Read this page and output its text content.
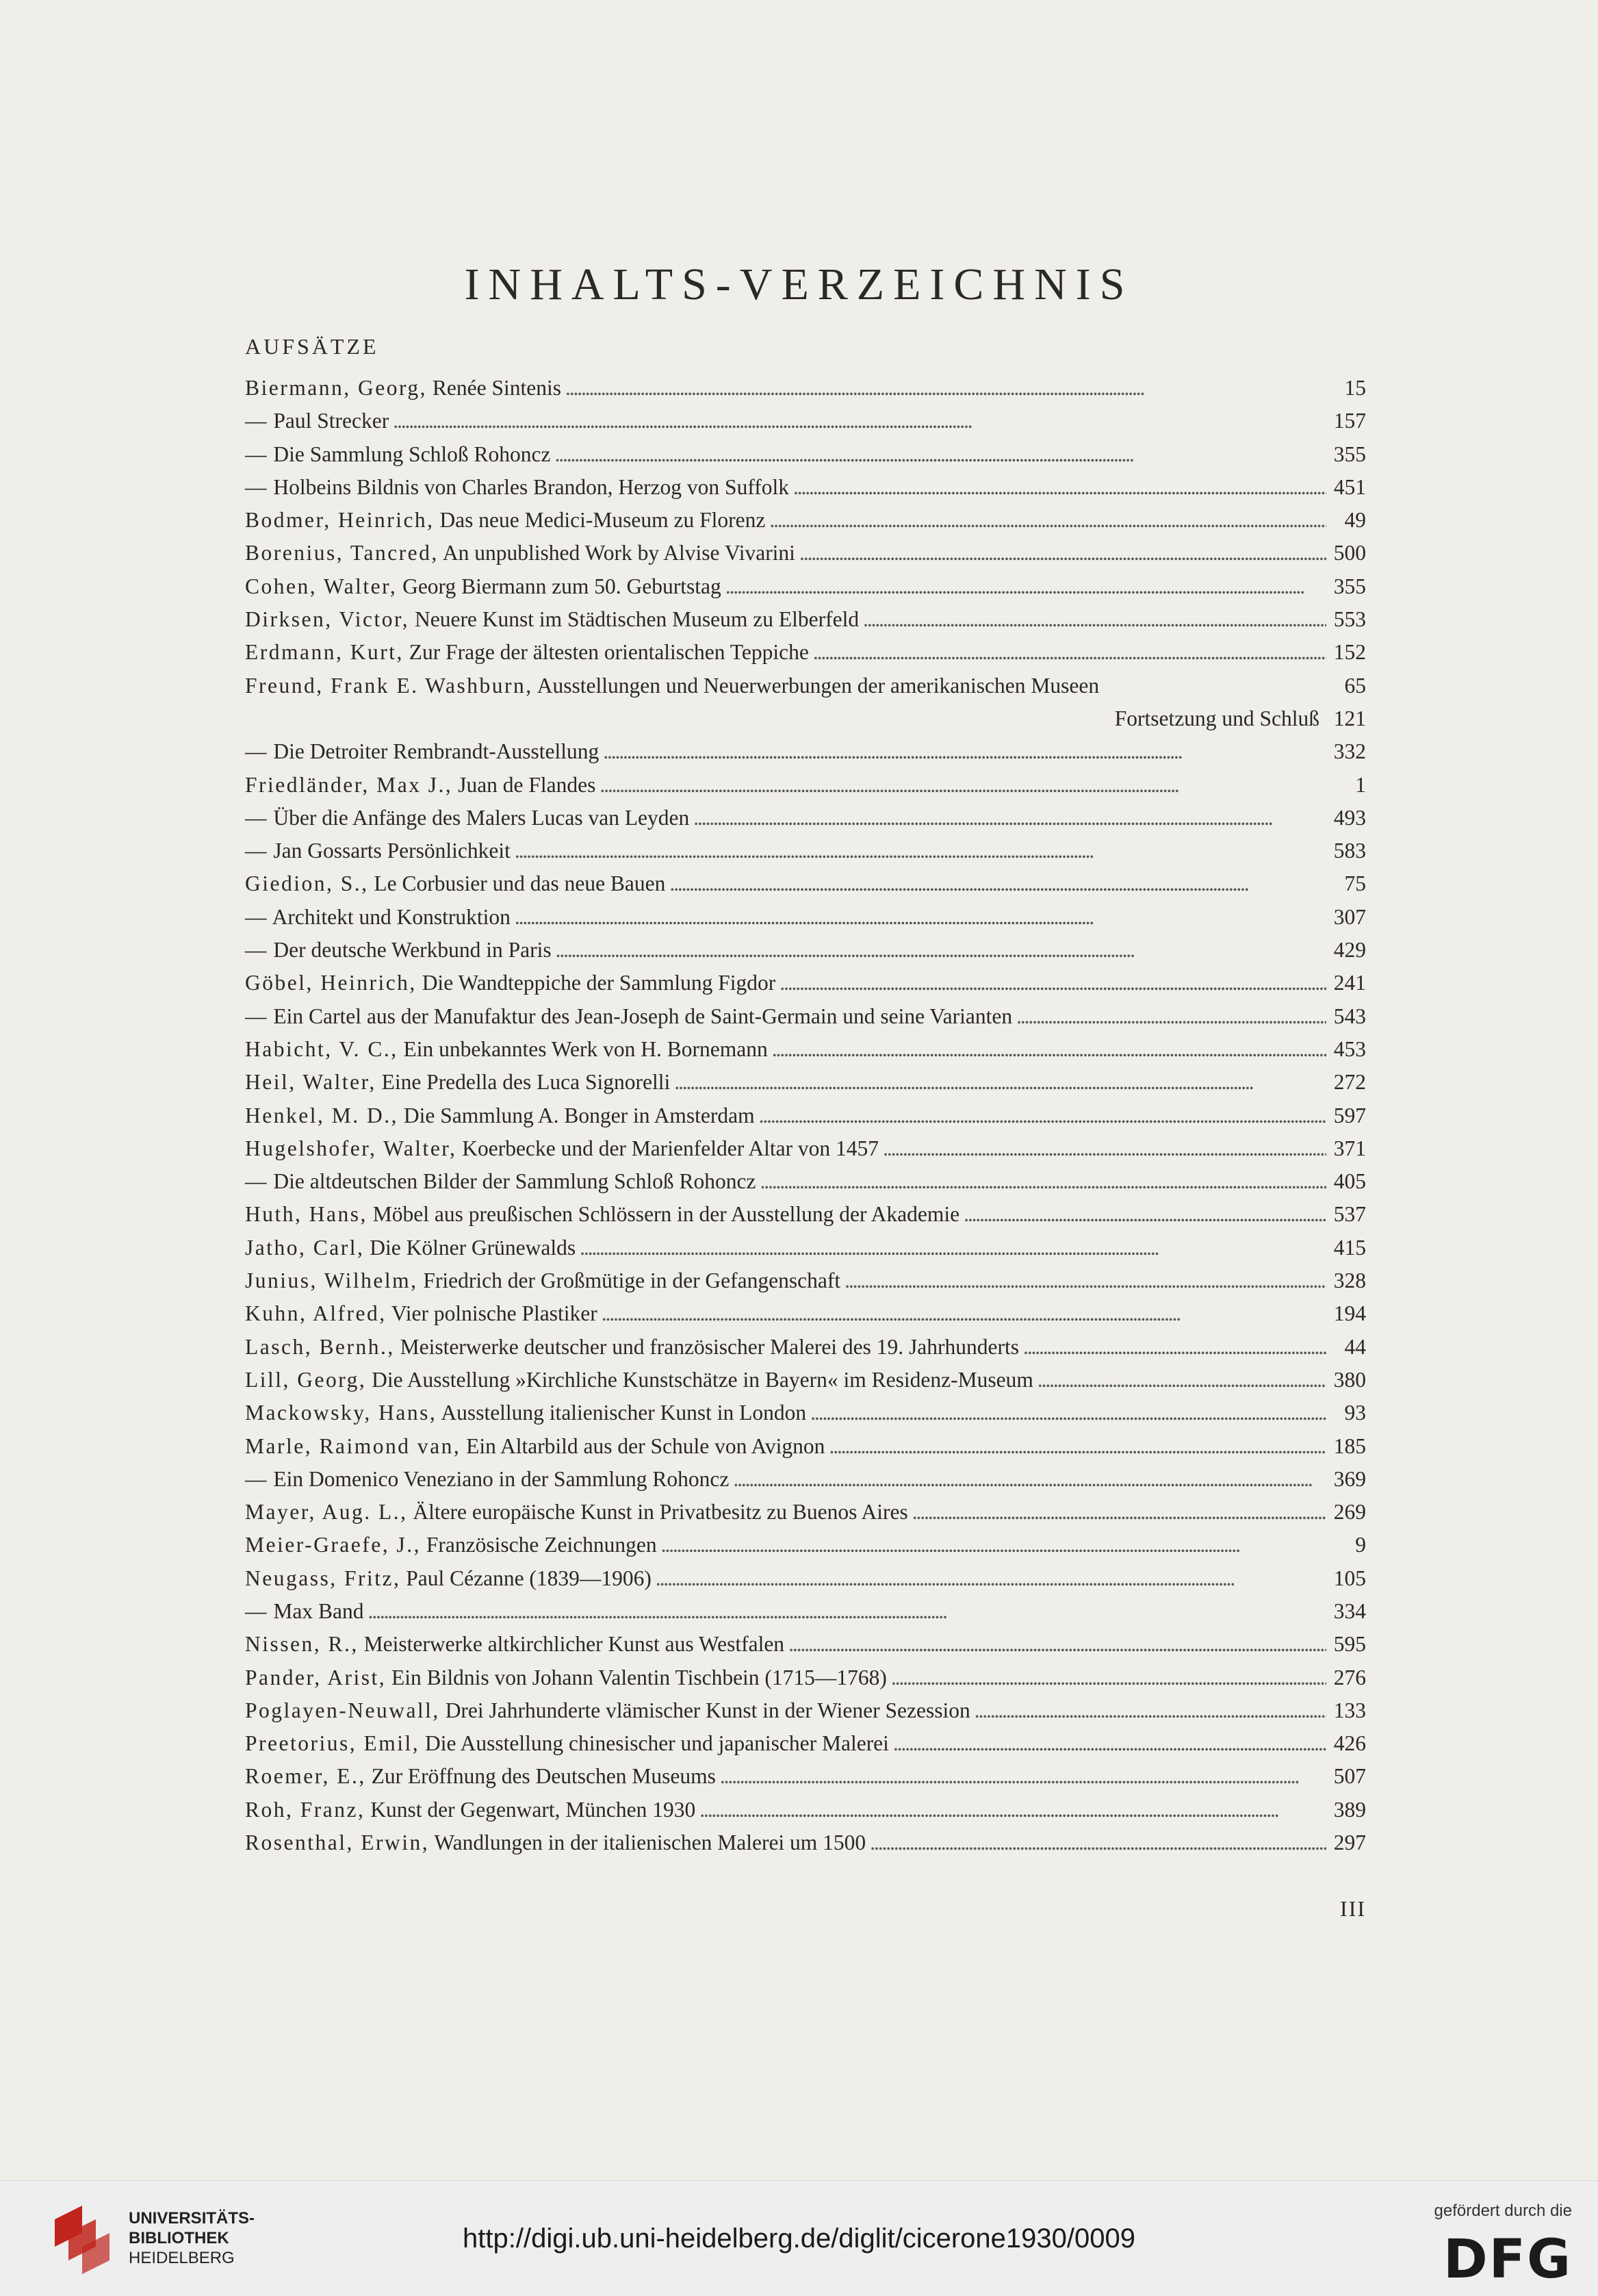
INHALTS-VERZEICHNIS
AUFSÄTZE
Biermann, Georg, Renée Sintenis . . .	15
— Paul Strecker . . .	157
— Die Sammlung Schloß Rohoncz . . .	355
— Holbeins Bildnis von Charles Brandon, Herzog von Suffolk . . .	451
Bodmer, Heinrich, Das neue Medici-Museum zu Florenz . . .	49
Borenius, Tancred, An unpublished Work by Alvise Vivarini . . .	500
Cohen, Walter, Georg Biermann zum 50. Geburtstag . . .	355
Dirksen, Victor, Neuere Kunst im Städtischen Museum zu Elberfeld . . .	553
Erdmann, Kurt, Zur Frage der ältesten orientalischen Teppiche . . .	152
Freund, Frank E. Washburn, Ausstellungen und Neuerwerbungen der amerikanischen Museen	65
Fortsetzung und Schluß 121
— Die Detroiter Rembrandt-Ausstellung . . .	332
Friedländer, Max J., Juan de Flandes . . .	1
— Über die Anfänge des Malers Lucas van Leyden . . .	493
— Jan Gossarts Persönlichkeit . . .	583
Giedion, S., Le Corbusier und das neue Bauen . . .	75
— Architekt und Konstruktion . . .	307
— Der deutsche Werkbund in Paris . . .	429
Göbel, Heinrich, Die Wandteppiche der Sammlung Figdor . . .	241
— Ein Cartel aus der Manufaktur des Jean-Joseph de Saint-Germain und seine Varianten . . .	543
Habicht, V. C., Ein unbekanntes Werk von H. Bornemann . . .	453
Heil, Walter, Eine Predella des Luca Signorelli . . .	272
Henkel, M. D., Die Sammlung A. Bonger in Amsterdam . . .	597
Hugelshofer, Walter, Koerbecke und der Marienfelder Altar von 1457 . . .	371
— Die altdeutschen Bilder der Sammlung Schloß Rohoncz . . .	405
Huth, Hans, Möbel aus preußischen Schlössern in der Ausstellung der Akademie . . .	537
Jatho, Carl, Die Kölner Grünewalds . . .	415
Junius, Wilhelm, Friedrich der Großmütige in der Gefangenschaft . . .	328
Kuhn, Alfred, Vier polnische Plastiker . . .	194
Lasch, Bernh., Meisterwerke deutscher und französischer Malerei des 19. Jahrhunderts . . .	44
Lill, Georg, Die Ausstellung »Kirchliche Kunstschätze in Bayern« im Residenz-Museum . . .	380
Mackowsky, Hans, Ausstellung italienischer Kunst in London . . .	93
Marle, Raimond van, Ein Altarbild aus der Schule von Avignon . . .	185
— Ein Domenico Veneziano in der Sammlung Rohoncz . . .	369
Mayer, Aug. L., Ältere europäische Kunst in Privatbesitz zu Buenos Aires . . .	269
Meier-Graefe, J., Französische Zeichnungen . . .	9
Neugass, Fritz, Paul Cézanne (1839—1906) . . .	105
— Max Band . . .	334
Nissen, R., Meisterwerke altkirchlicher Kunst aus Westfalen . . .	595
Pander, Arist, Ein Bildnis von Johann Valentin Tischbein (1715—1768) . . .	276
Poglayen-Neuwall, Drei Jahrhunderte vlämischer Kunst in der Wiener Sezession . . .	133
Preetorius, Emil, Die Ausstellung chinesischer und japanischer Malerei . . .	426
Roemer, E., Zur Eröffnung des Deutschen Museums . . .	507
Roh, Franz, Kunst der Gegenwart, München 1930 . . .	389
Rosenthal, Erwin, Wandlungen in der italienischen Malerei um 1500 . . .	297
III
UNIVERSITÄTS-
BIBLIOTHEK
HEIDELBERG
http://digi.ub.uni-heidelberg.de/diglit/cicerone1930/0009
gefördert durch die
DFG
